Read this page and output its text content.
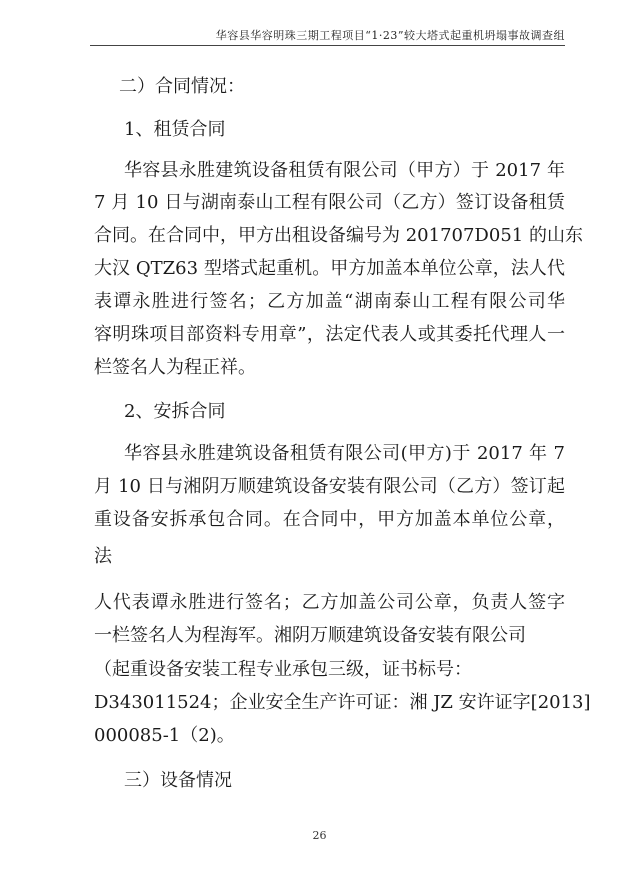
华容县华容明珠三期工程项目“1·23”较大塔式起重机坍塌事故调查组
二）合同情况：
1、租赁合同
华容县永胜建筑设备租赁有限公司（甲方）于 2017 年
7 月 10 日与湖南泰山工程有限公司（乙方）签订设备租赁
合同。在合同中，甲方出租设备编号为 201707D051 的山东
大汉 QTZ63 型塔式起重机。甲方加盖本单位公章，法人代
表谭永胜进行签名；乙方加盖“湖南泰山工程有限公司华
容明珠项目部资料专用章”，法定代表人或其委托代理人一
栏签名人为程正祥。
2、安拆合同
华容县永胜建筑设备租赁有限公司(甲方)于 2017 年 7
月 10 日与湘阴万顺建筑设备安装有限公司（乙方）签订起
重设备安拆承包合同。在合同中，甲方加盖本单位公章，
法
人代表谭永胜进行签名；乙方加盖公司公章，负责人签字
一栏签名人为程海军。湘阴万顺建筑设备安装有限公司
（起重设备安装工程专业承包三级，证书标号：
D343011524；企业安全生产许可证：湘 JZ 安许证字[2013]
000085-1（2)。
三）设备情况
26
